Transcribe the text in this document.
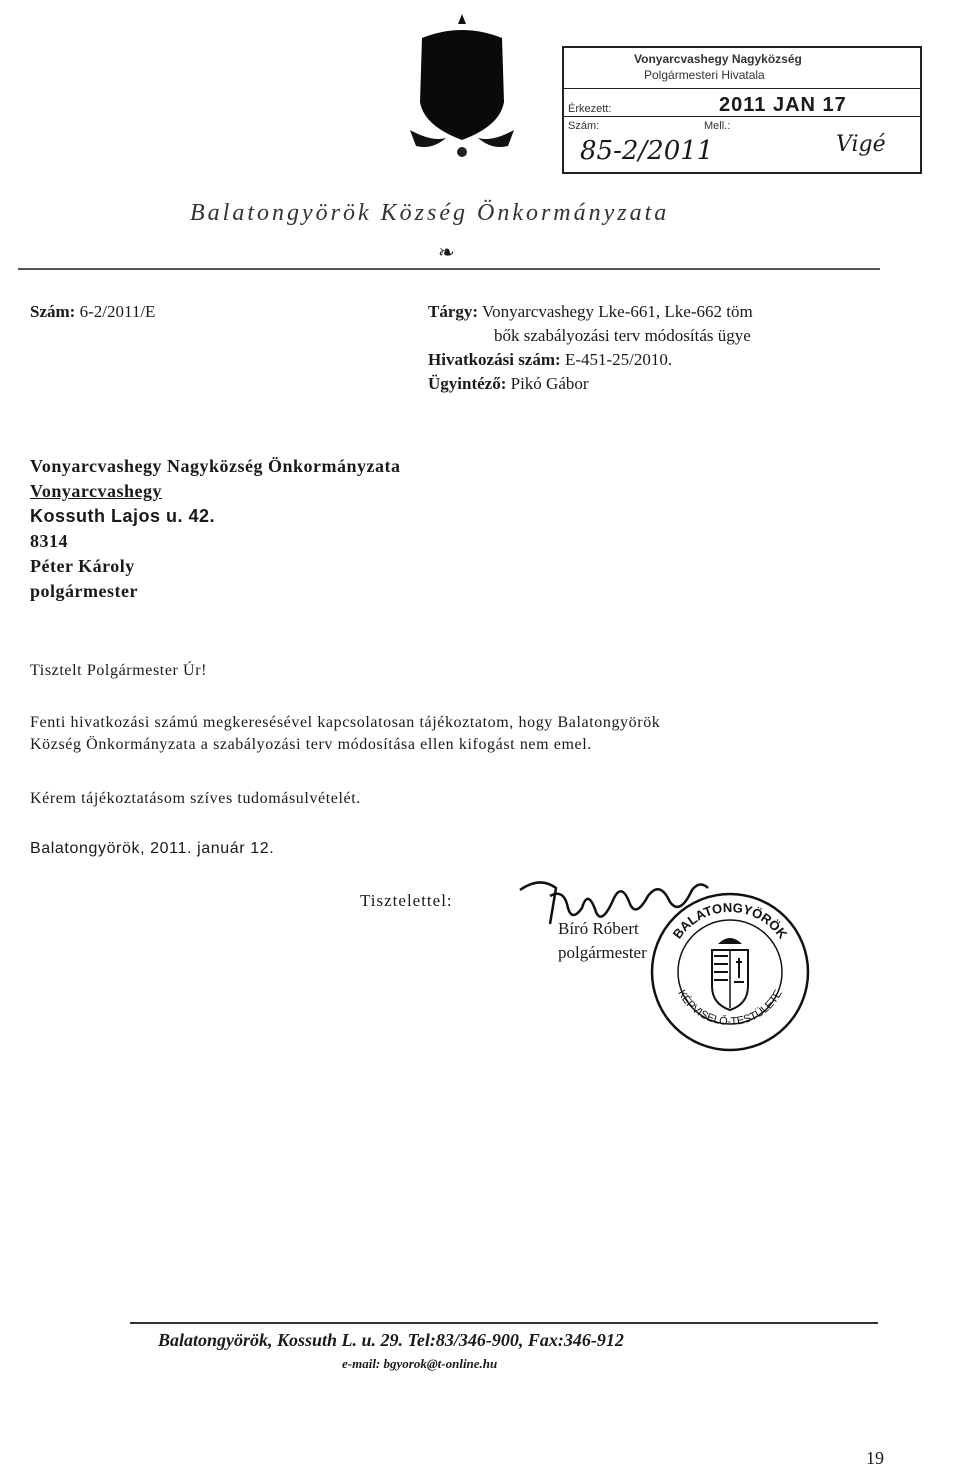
Vonyarcvashegy Nagyközség
Polgármesteri Hivatala
Érkezett:	2011 JAN 17
Szám:	Mell.:
85-2/2011	Vigé
Balatongyörök Község Önkormányzata
❧
Szám: 6-2/2011/E	Tárgy: Vonyarcvashegy Lke-661, Lke-662 töm
bők szabályozási terv módosítás ügye
Hivatkozási szám: E-451-25/2010.
Ügyintéző: Pikó Gábor
Vonyarcvashegy Nagyközség Önkormányzata
Vonyarcvashegy
Kossuth Lajos u. 42.
8314
Péter Károly
polgármester
Tisztelt Polgármester Úr!
Fenti hivatkozási számú megkeresésével kapcsolatosan tájékoztatom, hogy Balatongyörök
Község Önkormányzata a szabályozási terv módosítása ellen kifogást nem emel.
Kérem tájékoztatásom szíves tudomásulvételét.
Balatongyörök, 2011. január 12.
Tisztelettel:
Bíró Róbert
polgármester
BALATONGYÖRÖK
KÉPVISELŐ-TESTÜLETE
Balatongyörök, Kossuth L. u. 29. Tel:83/346-900, Fax:346-912
e-mail: bgyorok@t-online.hu
19
